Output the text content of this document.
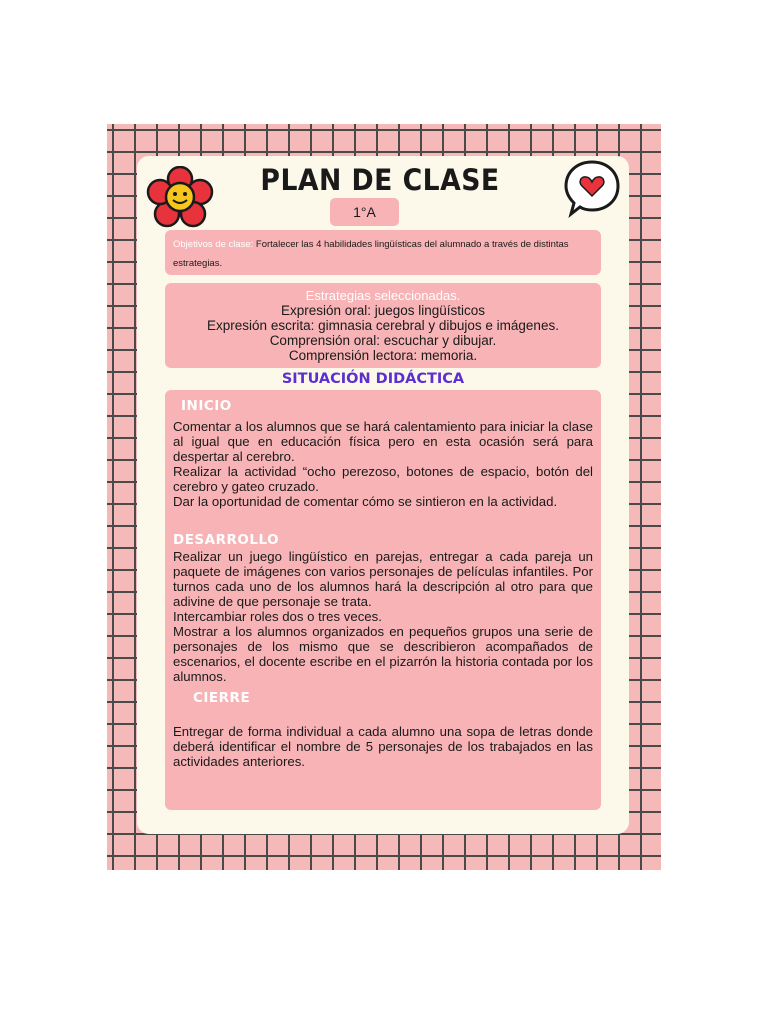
PLAN DE CLASE
1°A
Objetivos de clase: Fortalecer las 4 habilidades lingüísticas del alumnado a través de distintas estrategias.
Estrategias seleccionadas.
Expresión oral: juegos lingüísticos
Expresión escrita: gimnasia cerebral y dibujos e imágenes.
Comprensión oral: escuchar y dibujar.
Comprensión lectora: memoria.
SITUACIÓN DIDÁCTICA
INICIO

Comentar a los alumnos que se hará calentamiento para iniciar la clase al igual que en educación física pero en esta ocasión será para despertar al cerebro.

Realizar la actividad “ocho perezoso, botones de espacio, botón del cerebro y gateo cruzado.

Dar la oportunidad de comentar cómo se sintieron en la actividad.

DESARROLLO

Realizar un juego lingüístico en parejas, entregar a cada pareja un paquete de imágenes con varios personajes de películas infantiles. Por turnos cada uno de los alumnos hará la descripción al otro para que adivine de que personaje se trata.

Intercambiar roles dos o tres veces.

Mostrar a los alumnos organizados en pequeños grupos una serie de personajes de los mismo que se describieron acompañados de escenarios, el docente escribe en el pizarrón la historia contada por los alumnos.

CIERRE

Entregar de forma individual a cada alumno una sopa de letras donde deberá identificar el nombre de 5 personajes de los trabajados en las actividades anteriores.
